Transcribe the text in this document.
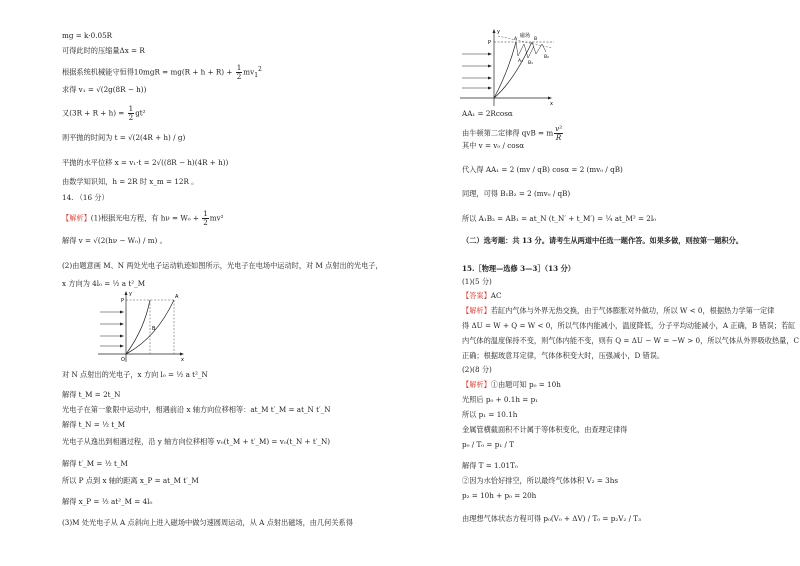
mg = k·0.05R
可得此时的压缩量Δx = R
根据系统机械能守恒得$10mgR = mg(R + h + R) + \frac{1}{2} mv_1^2$
求得 v₁ = √(2g(8R − h))
又$(3R + R + h) = \frac{1}{2} gt^2$
则平抛的时间为 t = √(2(4R + h) / g)
平抛的水平位移 x = v₁·t = 2√((8R − h)(4R + h))
由数学知识知，h = 2R 时 x_m = 12R 。
14. （16 分）
【解析】(1)根据光电方程，有 $h\nu = W_0 + \frac{1}{2} mv^2$
解得 v = √(2(hν − W₀) / m) 。
(2)由题意画 M、N 两处光电子运动轨迹如图所示，光电子在电场中运动时，对 M 点射出的光电子，
x 方向为 4l₀ = ½ a t²_M
y
P
A
B
x
O
对 N 点射出的光电子，x 方向 l₀ = ½ a t²_N
解得 t_M = 2t_N
光电子在第一象限中运动中，相遇前沿 x 轴方向位移相等：at_M t′_M = at_N t′_N
解得 t_N = ½ t_M
光电子从逸出到相遇过程，沿 y 轴方向位移相等 v₀(t_M + t′_M) = v₀(t_N + t′_N)
解得 t′_M = ½ t_M
所以 P 点到 x 轴的距离 x_P = at_M t′_M
解得 x_P = ½ at²_M = 4l₀
(3)M 处光电子从 A 点斜向上进入磁场中做匀速圆周运动，从 A 点射出磁场，由几何关系得
y
P
磁场
A	B
A₁ B₁
B₂
x
AA₁ = 2Rcosα
由牛顿第二定律得 qvB = m $\frac{\text{v²}}{R}$
其中 v = v₀ / cosα
代入得 AA₁ = 2 (mv / qB) cosα = 2 (mv₀ / qB)
同理，可得 B₁B₂ = 2 (mv₀ / qB)
所以 A₁B₂ = AB₁ = at_N (t_N′ + t_M′) = ¼ at_M² = 2l₀
（二）选考题：共 13 分。请考生从两道中任选一题作答。如果多做，则按第一题积分。
15.［物理—选修 3—3］（13 分）
(1)(5 分)
【答案】AC
【解析】若缸内气体与外界无热交换，由于气体膨胀对外做功，所以 W < 0，根据热力学第一定律
得 ΔU = W + Q = W < 0，所以气体内能减小，温度降低，分子平均动能减小，A 正确，B 错误；若缸
内气体的温度保持不变，则气体内能不变，则有 Q = ΔU − W = −W > 0，所以气体从外界吸收热量，C
正确；根据玻意耳定律，气体体积变大时，压强减小，D 错误。
(2)(8 分)
【解析】①由题可知 p₀ = 10h
光照后 p₀ + 0.1h = p₁
所以 p₁ = 10.1h
金属管横截面积不计属于等体积变化，由查理定律得
p₀ / T₀ = p₁ / T
解得 T = 1.01T₀
②因为水恰好排空，所以最终气体体积 V₂ = 3hs
p₂ = 10h + p₀ = 20h
由理想气体状态方程可得 p₀(V₀ + ΔV) / T₀ = p₂V₂ / T₃
